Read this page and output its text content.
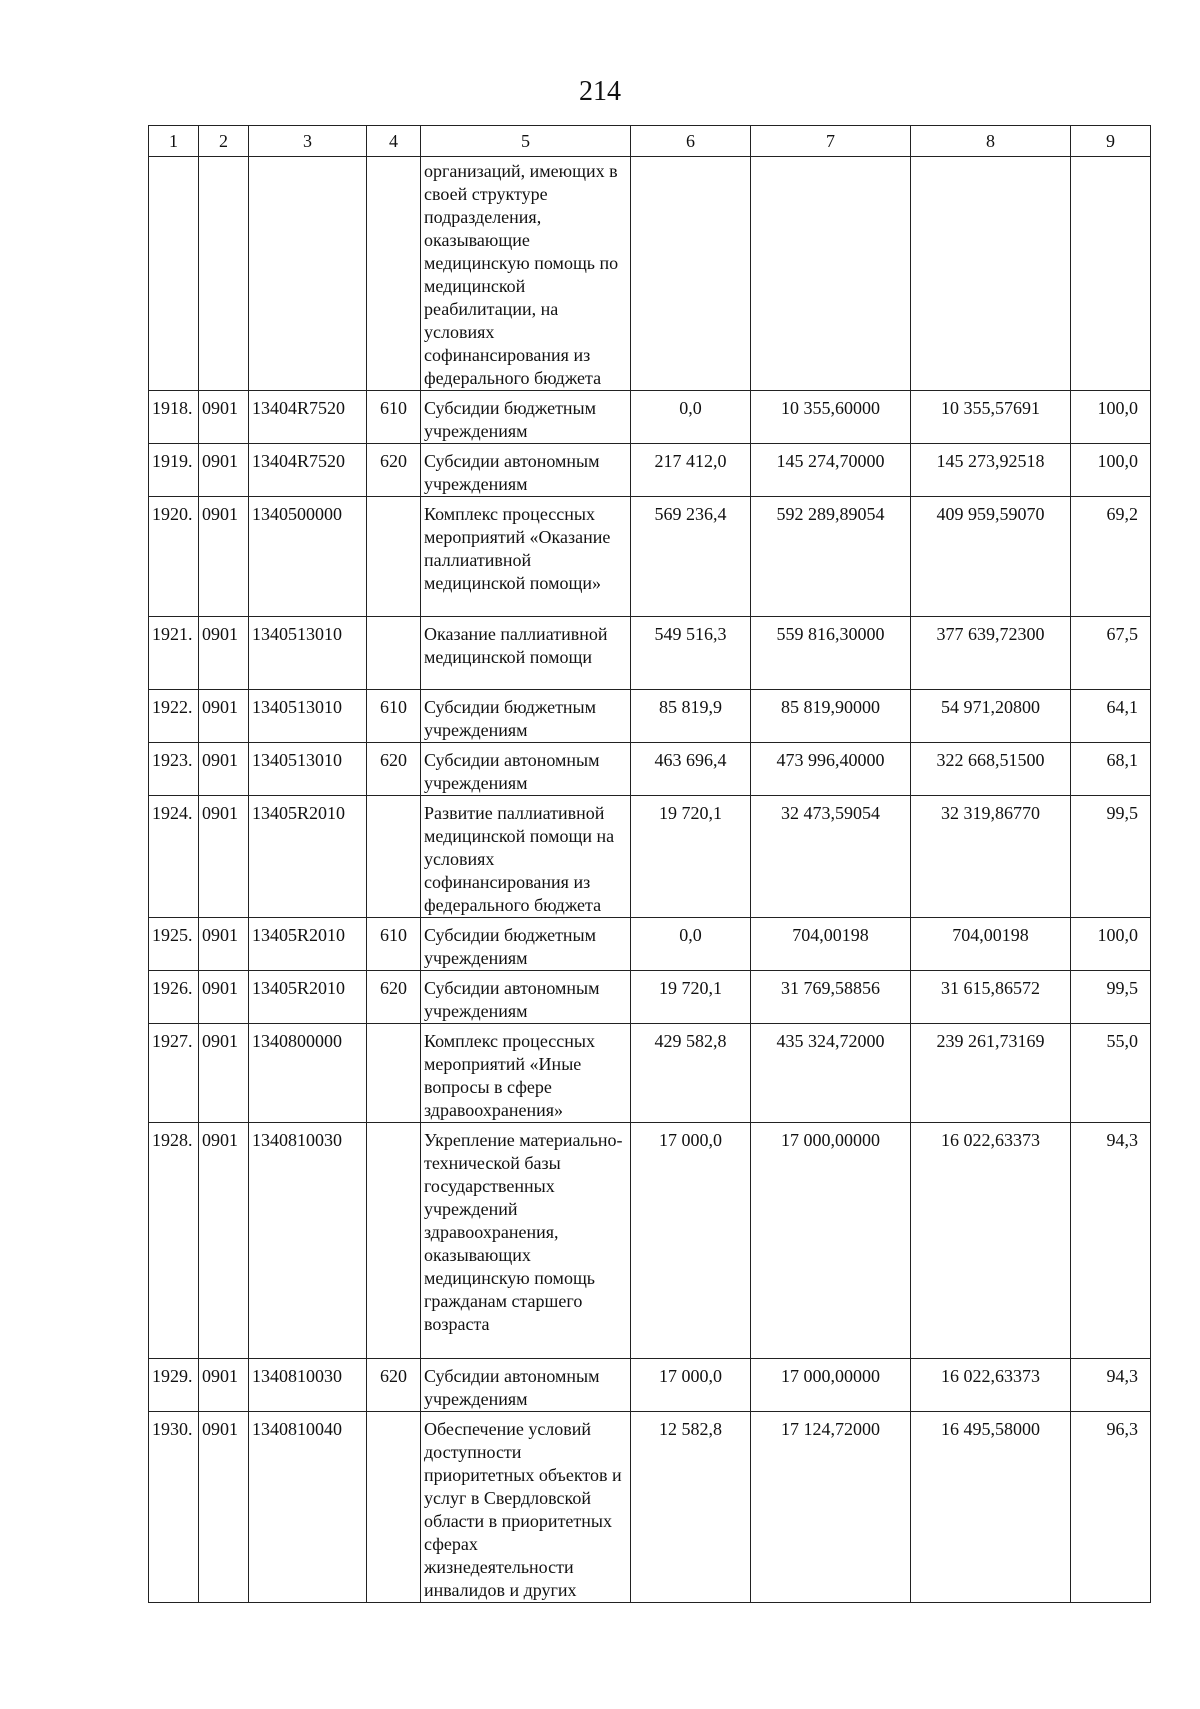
214
1	2	3	4	5	6	7	8	9
				организаций, имеющих в своей структуре подразделения, оказывающие медицинскую помощь по медицинской реабилитации, на условиях софинансирования из федерального бюджета				
1918.	0901	13404R7520	610	Субсидии бюджетным учреждениям	0,0	10 355,60000	10 355,57691	100,0
1919.	0901	13404R7520	620	Субсидии автономным учреждениям	217 412,0	145 274,70000	145 273,92518	100,0
1920.	0901	1340500000		Комплекс процессных мероприятий «Оказание паллиативной медицинской помощи»	569 236,4	592 289,89054	409 959,59070	69,2
1921.	0901	1340513010		Оказание паллиативной медицинской помощи	549 516,3	559 816,30000	377 639,72300	67,5
1922.	0901	1340513010	610	Субсидии бюджетным учреждениям	85 819,9	85 819,90000	54 971,20800	64,1
1923.	0901	1340513010	620	Субсидии автономным учреждениям	463 696,4	473 996,40000	322 668,51500	68,1
1924.	0901	13405R2010		Развитие паллиативной медицинской помощи на условиях софинансирования из федерального бюджета	19 720,1	32 473,59054	32 319,86770	99,5
1925.	0901	13405R2010	610	Субсидии бюджетным учреждениям	0,0	704,00198	704,00198	100,0
1926.	0901	13405R2010	620	Субсидии автономным учреждениям	19 720,1	31 769,58856	31 615,86572	99,5
1927.	0901	1340800000		Комплекс процессных мероприятий «Иные вопросы в сфере здравоохранения»	429 582,8	435 324,72000	239 261,73169	55,0
1928.	0901	1340810030		Укрепление материально-технической базы государственных учреждений здравоохранения, оказывающих медицинскую помощь гражданам старшего возраста	17 000,0	17 000,00000	16 022,63373	94,3
1929.	0901	1340810030	620	Субсидии автономным учреждениям	17 000,0	17 000,00000	16 022,63373	94,3
1930.	0901	1340810040		Обеспечение условий доступности приоритетных объектов и услуг в Свердловской области в приоритетных сферах жизнедеятельности инвалидов и других	12 582,8	17 124,72000	16 495,58000	96,3
